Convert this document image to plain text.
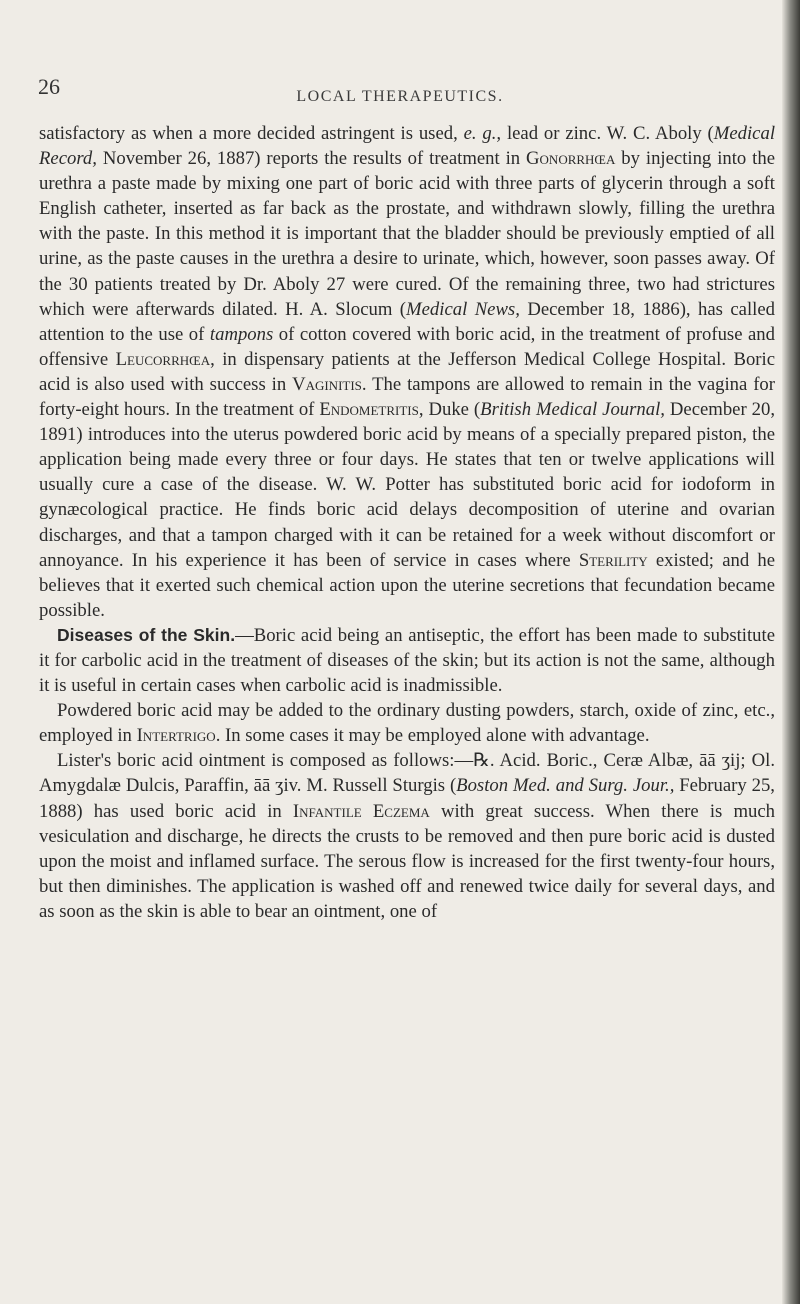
26	LOCAL THERAPEUTICS.

satisfactory as when a more decided astringent is used, e. g., lead or zinc. W. C. Aboly (Medical Record, November 26, 1887) reports the results of treatment in Gonorrhœa by injecting into the urethra a paste made by mixing one part of boric acid with three parts of glycerin through a soft English catheter, inserted as far back as the prostate, and withdrawn slowly, filling the urethra with the paste. In this method it is important that the bladder should be previously emptied of all urine, as the paste causes in the urethra a desire to urinate, which, however, soon passes away. Of the 30 patients treated by Dr. Aboly 27 were cured. Of the remaining three, two had strictures which were afterwards dilated. H. A. Slocum (Medical News, December 18, 1886), has called attention to the use of tampons of cotton covered with boric acid, in the treatment of profuse and offensive Leucorrhœa, in dispensary patients at the Jefferson Medical College Hospital. Boric acid is also used with success in Vaginitis. The tampons are allowed to remain in the vagina for forty-eight hours. In the treatment of Endometritis, Duke (British Medical Journal, December 20, 1891) introduces into the uterus powdered boric acid by means of a specially prepared piston, the application being made every three or four days. He states that ten or twelve applications will usually cure a case of the disease. W. W. Potter has substituted boric acid for iodoform in gynæcological practice. He finds boric acid delays decomposition of uterine and ovarian discharges, and that a tampon charged with it can be retained for a week without discomfort or annoyance. In his experience it has been of service in cases where Sterility existed; and he believes that it exerted such chemical action upon the uterine secretions that fecundation became possible.

Diseases of the Skin.—Boric acid being an antiseptic, the effort has been made to substitute it for carbolic acid in the treatment of diseases of the skin; but its action is not the same, although it is useful in certain cases when carbolic acid is inadmissible.

Powdered boric acid may be added to the ordinary dusting powders, starch, oxide of zinc, etc., employed in Intertrigo. In some cases it may be employed alone with advantage.

Lister's boric acid ointment is composed as follows:—℞. Acid. Boric., Ceræ Albæ, āā ʒij; Ol. Amygdalæ Dulcis, Paraffin, āā ʒiv. M. Russell Sturgis (Boston Med. and Surg. Jour., February 25, 1888) has used boric acid in Infantile Eczema with great success. When there is much vesiculation and discharge, he directs the crusts to be removed and then pure boric acid is dusted upon the moist and inflamed surface. The serous flow is increased for the first twenty-four hours, but then diminishes. The application is washed off and renewed twice daily for several days, and as soon as the skin is able to bear an ointment, one of
